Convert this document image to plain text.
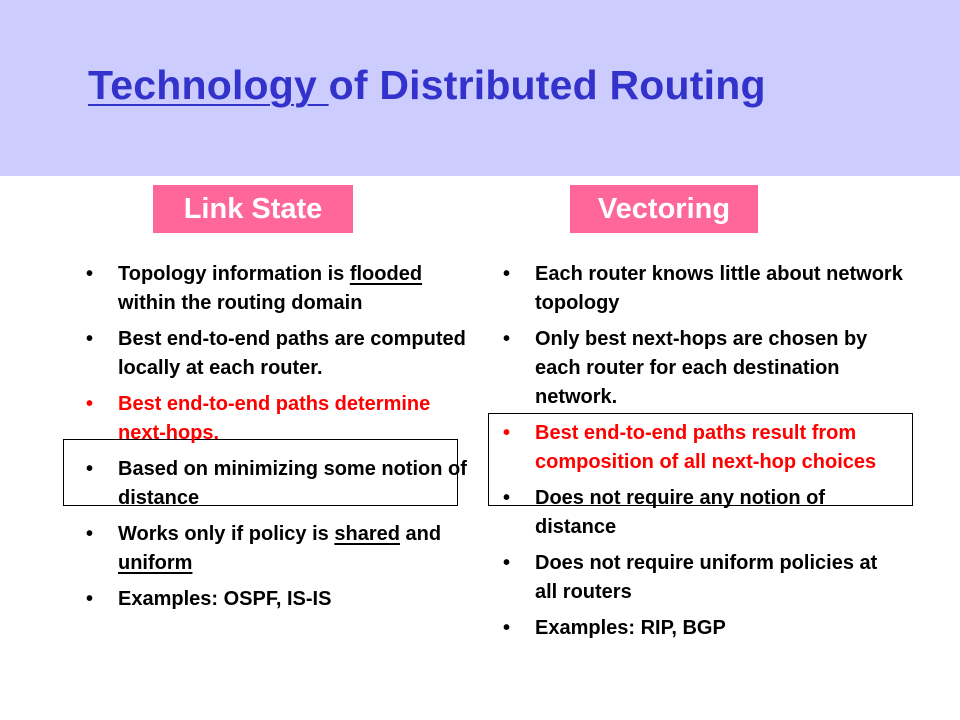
Technology of Distributed Routing
Link State	Vectoring
•	Topology information is flooded within the routing domain
•	Best end-to-end paths are computed locally at each router.
•	Best end-to-end paths determine next-hops.
•	Based on minimizing some notion of distance
•	Works only if policy is shared and uniform
•	Examples: OSPF, IS-IS
•	Each router knows little about network topology
•	Only best next-hops are chosen by each router for each destination network.
•	Best end-to-end paths result from composition of all next-hop choices
•	Does not require any notion of distance
•	Does not require uniform policies at all routers
•	Examples: RIP, BGP
